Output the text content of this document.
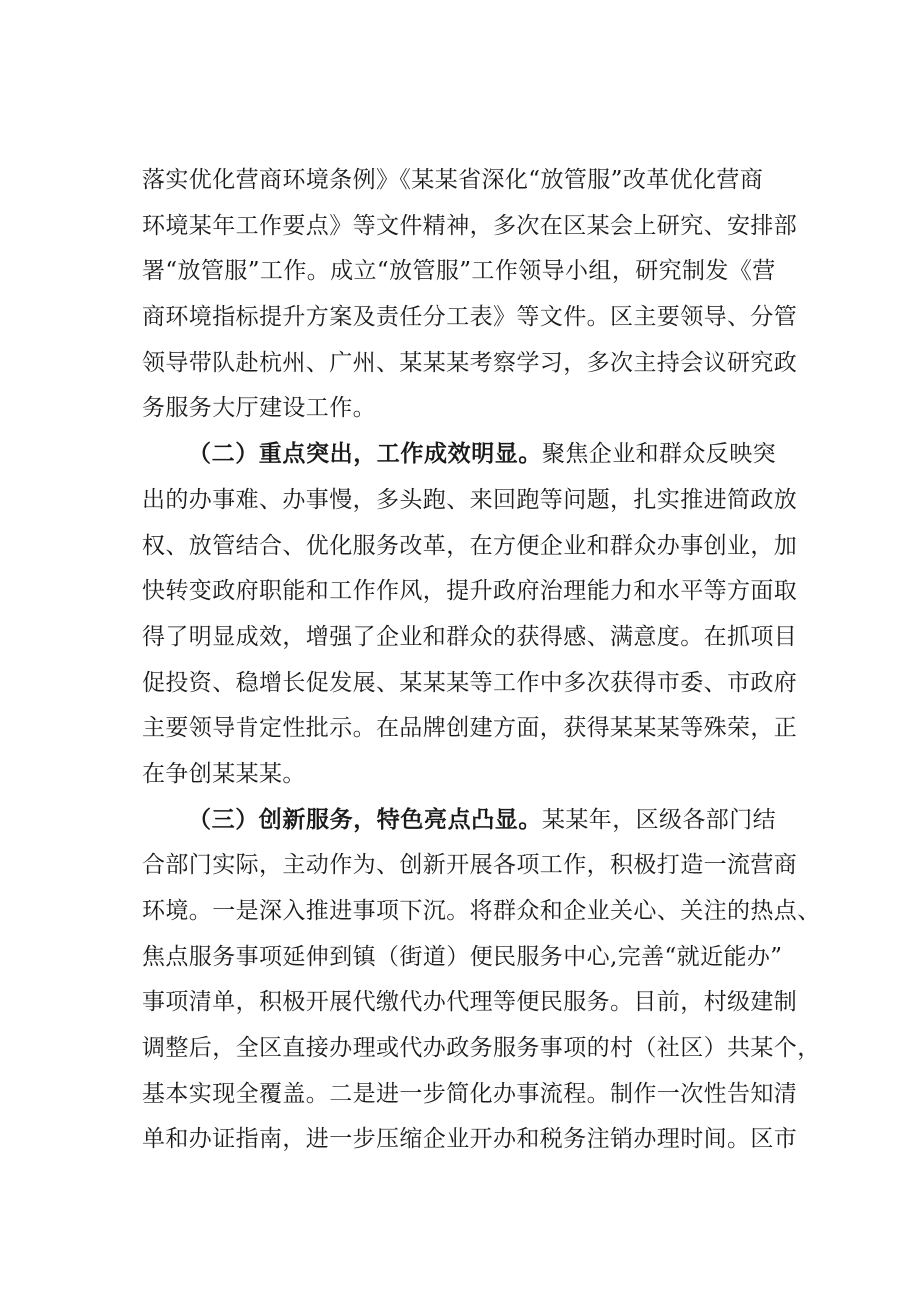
落实优化营商环境条例》《某某省深化“放管服”改革优化营商
环境某年工作要点》等文件精神，多次在区某会上研究、安排部
署“放管服”工作。成立“放管服”工作领导小组，研究制发《营
商环境指标提升方案及责任分工表》等文件。区主要领导、分管
领导带队赴杭州、广州、某某某考察学习，多次主持会议研究政
务服务大厅建设工作。
（二）重点突出，工作成效明显。聚焦企业和群众反映突
出的办事难、办事慢，多头跑、来回跑等问题，扎实推进简政放
权、放管结合、优化服务改革，在方便企业和群众办事创业，加
快转变政府职能和工作作风，提升政府治理能力和水平等方面取
得了明显成效，增强了企业和群众的获得感、满意度。在抓项目
促投资、稳增长促发展、某某某等工作中多次获得市委、市政府
主要领导肯定性批示。在品牌创建方面，获得某某某等殊荣，正
在争创某某某。
（三）创新服务，特色亮点凸显。某某年，区级各部门结
合部门实际，主动作为、创新开展各项工作，积极打造一流营商
环境。一是深入推进事项下沉。将群众和企业关心、关注的热点、
焦点服务事项延伸到镇（街道）便民服务中心,完善“就近能办”
事项清单，积极开展代缴代办代理等便民服务。目前，村级建制
调整后，全区直接办理或代办政务服务事项的村（社区）共某个，
基本实现全覆盖。二是进一步简化办事流程。制作一次性告知清
单和办证指南，进一步压缩企业开办和税务注销办理时间。区市
